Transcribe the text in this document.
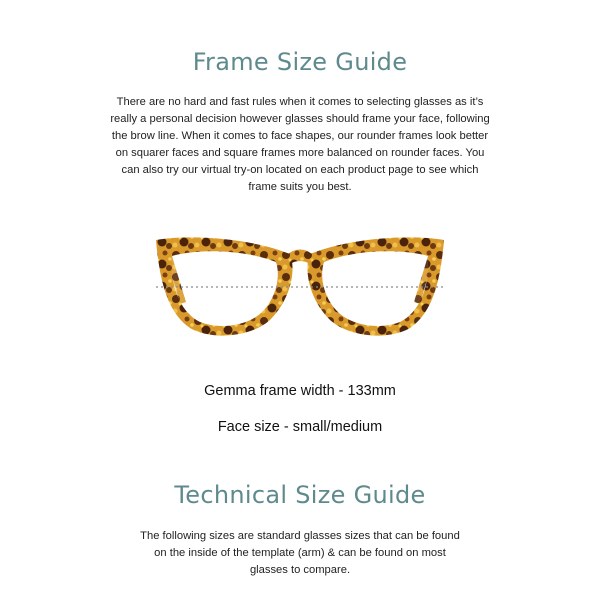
Frame Size Guide

There are no hard and fast rules when it comes to selecting glasses as it’s really a personal decision however glasses should frame your face, following the brow line. When it comes to face shapes, our rounder frames look better on squarer faces and square frames more balanced on rounder faces. You can also try our virtual try-on located on each product page to see which frame suits you best.

Gemma frame width - 133mm

Face size - small/medium

Technical Size Guide

The following sizes are standard glasses sizes that can be found on the inside of the template (arm) & can be found on most glasses to compare.
